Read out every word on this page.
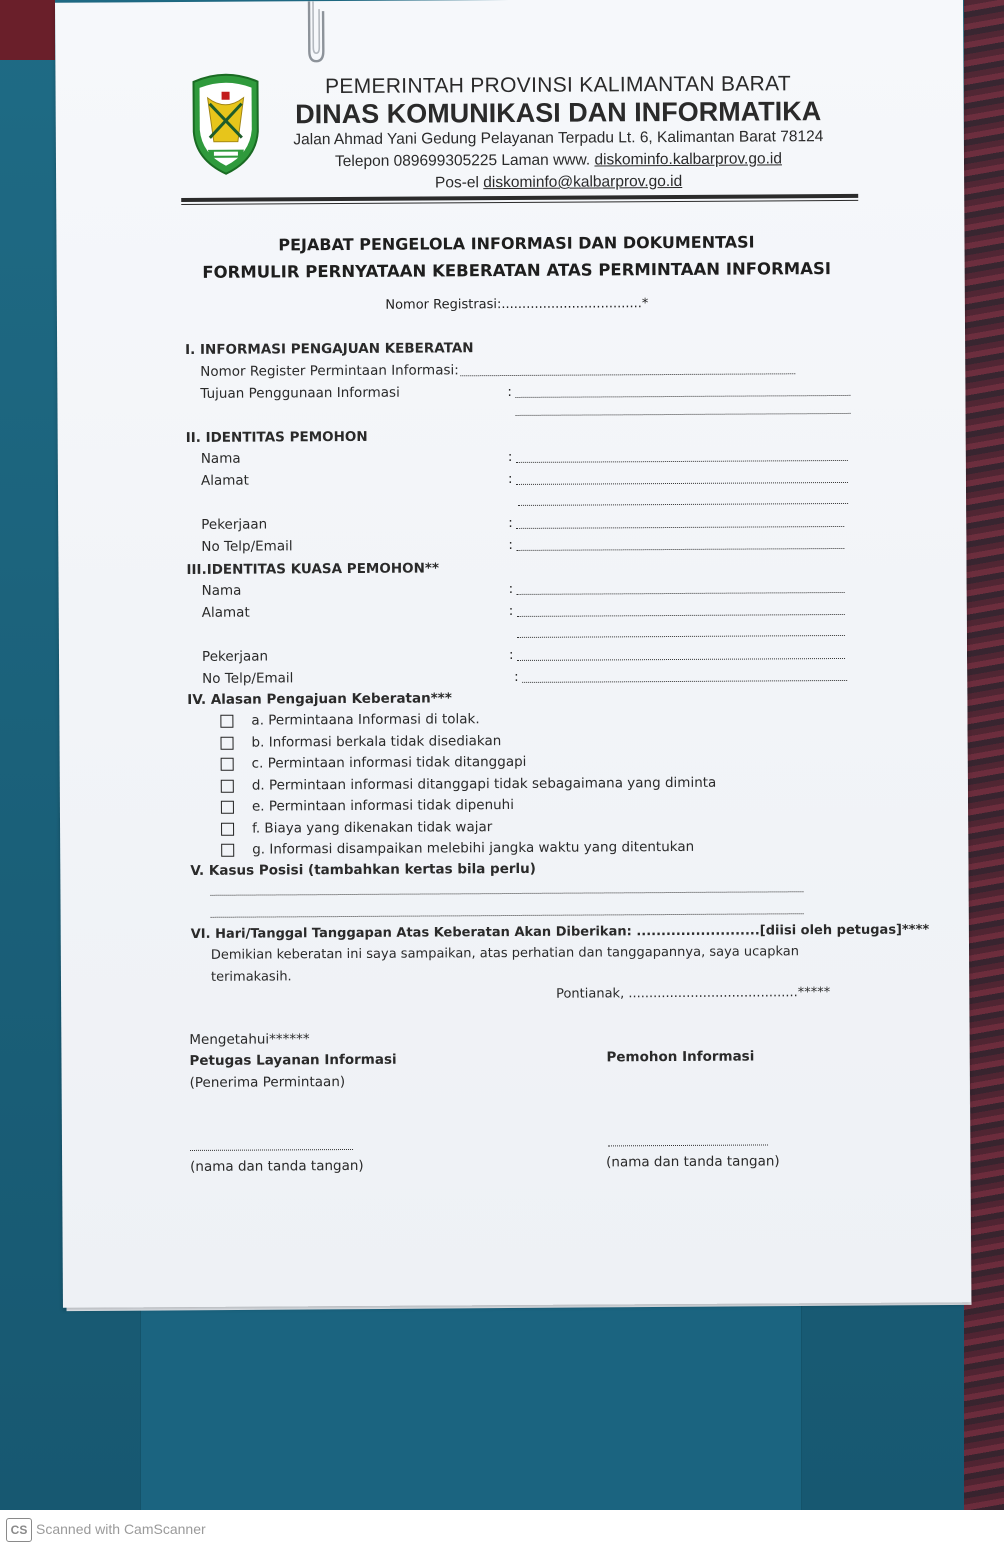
PEMERINTAH PROVINSI KALIMANTAN BARAT
DINAS KOMUNIKASI DAN INFORMATIKA
Jalan Ahmad Yani Gedung Pelayanan Terpadu Lt. 6, Kalimantan Barat 78124
Telepon 089699305225 Laman www. diskominfo.kalbarprov.go.id
Pos-el diskominfo@kalbarprov.go.id
PEJABAT PENGELOLA INFORMASI DAN DOKUMENTASI
FORMULIR PERNYATAAN KEBERATAN ATAS PERMINTAAN INFORMASI
Nomor Registrasi:..................................*
I. INFORMASI PENGAJUAN KEBERATAN
Nomor Register Permintaan Informasi:
Tujuan Penggunaan Informasi	:
II. IDENTITAS PEMOHON
Nama	:
Alamat	:
Pekerjaan	:
No Telp/Email	:
III.IDENTITAS KUASA PEMOHON**
Nama	:
Alamat	:
Pekerjaan	:
No Telp/Email	:
IV. Alasan Pengajuan Keberatan***
a. Permintaana Informasi di tolak.
b. Informasi berkala tidak disediakan
c. Permintaan informasi tidak ditanggapi
d. Permintaan informasi ditanggapi tidak sebagaimana yang diminta
e. Permintaan informasi tidak dipenuhi
f. Biaya yang dikenakan tidak wajar
g. Informasi disampaikan melebihi jangka waktu yang ditentukan
V. Kasus Posisi (tambahkan kertas bila perlu)
VI. Hari/Tanggal Tanggapan Atas Keberatan Akan Diberikan: .........................[diisi oleh petugas]****
Demikian keberatan ini saya sampaikan, atas perhatian dan tanggapannya, saya ucapkan
terimakasih.
Pontianak, .........................................*****
Mengetahui******
Petugas Layanan Informasi
(Penerima Permintaan)
Pemohon Informasi
(nama dan tanda tangan)	(nama dan tanda tangan)
CS Scanned with CamScanner
